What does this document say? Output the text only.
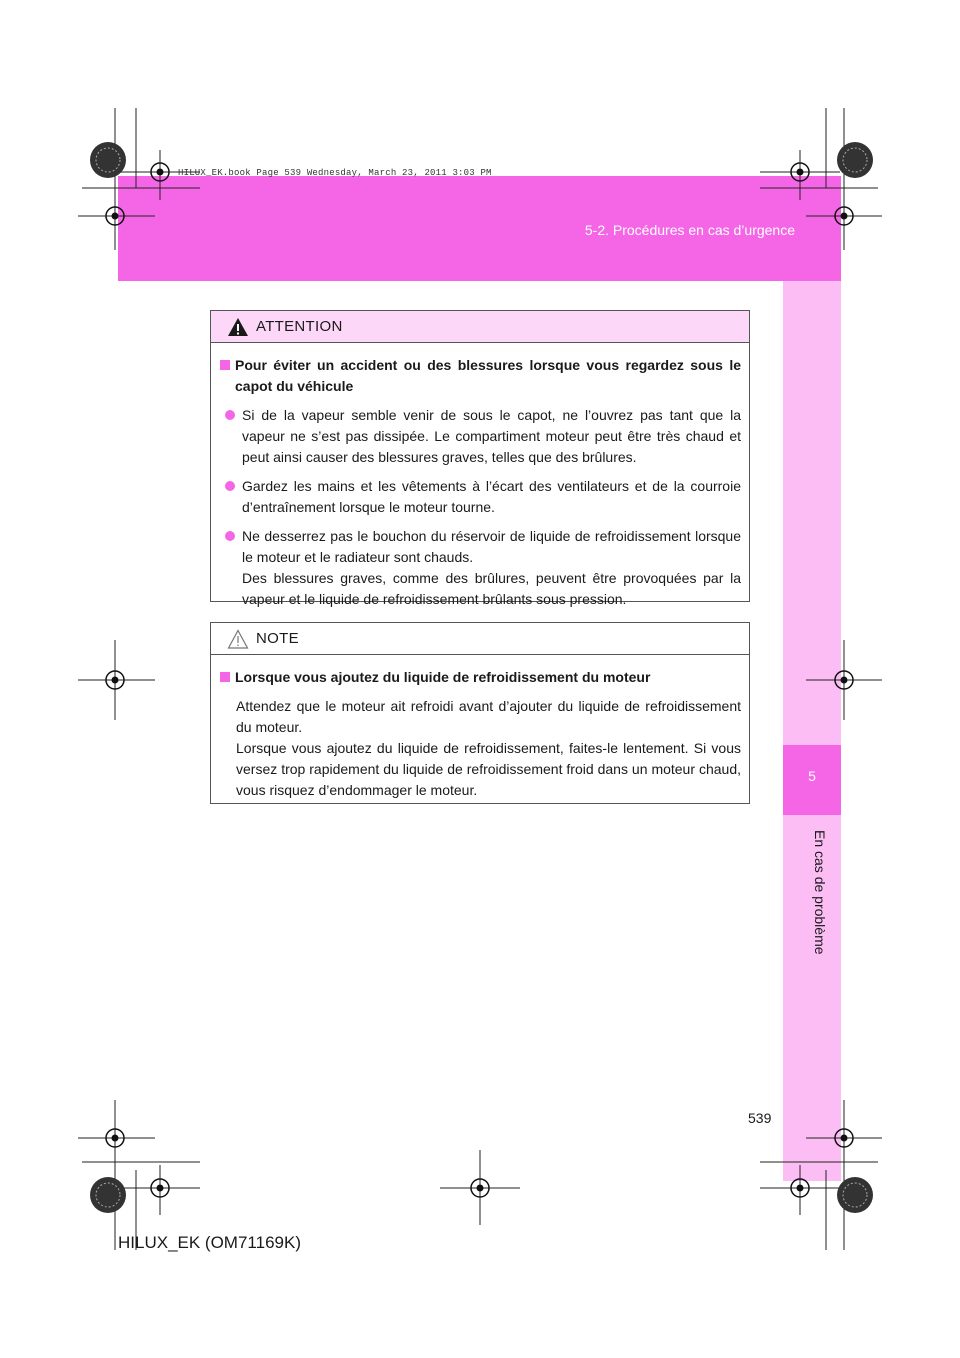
HILUX_EK.book Page 539 Wednesday, March 23, 2011 3:03 PM
5-2. Procédures en cas d’urgence
5
En cas de problème
ATTENTION
Pour éviter un accident ou des blessures lorsque vous regardez sous le capot du véhicule
Si de la vapeur semble venir de sous le capot, ne l’ouvrez pas tant que la vapeur ne s’est pas dissipée. Le compartiment moteur peut être très chaud et peut ainsi causer des blessures graves, telles que des brûlures.
Gardez les mains et les vêtements à l’écart des ventilateurs et de la courroie d’entraînement lorsque le moteur tourne.
Ne desserrez pas le bouchon du réservoir de liquide de refroidissement lorsque le moteur et le radiateur sont chauds.
Des blessures graves, comme des brûlures, peuvent être provoquées par la vapeur et le liquide de refroidissement brûlants sous pression.
NOTE
Lorsque vous ajoutez du liquide de refroidissement du moteur
Attendez que le moteur ait refroidi avant d’ajouter du liquide de refroidissement du moteur.
Lorsque vous ajoutez du liquide de refroidissement, faites-le lentement. Si vous versez trop rapidement du liquide de refroidissement froid dans un moteur chaud, vous risquez d’endommager le moteur.
539
HILUX_EK (OM71169K)
